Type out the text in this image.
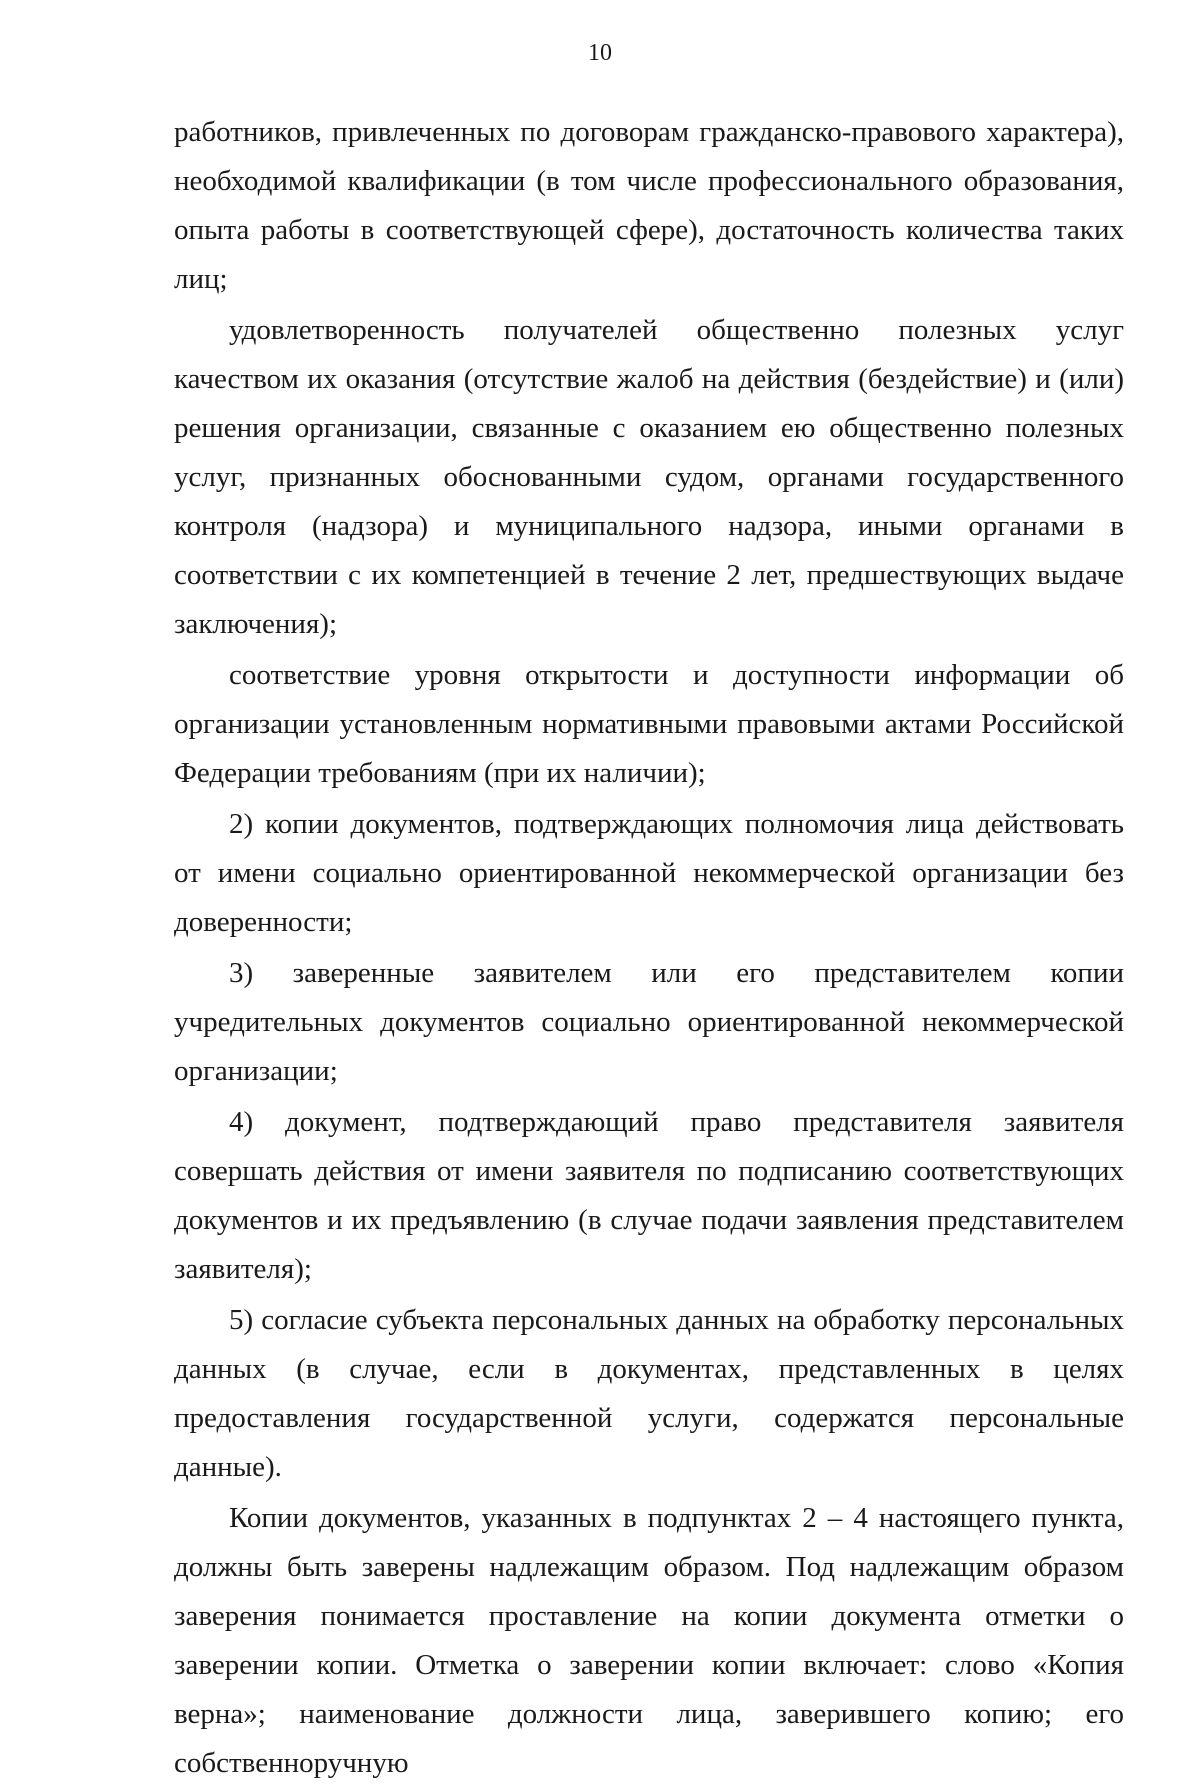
10

работников, привлеченных по договорам гражданско-правового характера), необходимой квалификации (в том числе профессионального образования, опыта работы в соответствующей сфере), достаточность количества таких лиц;

удовлетворенность получателей общественно полезных услуг качеством их оказания (отсутствие жалоб на действия (бездействие) и (или) решения организации, связанные с оказанием ею общественно полезных услуг, признанных обоснованными судом, органами государственного контроля (надзора) и муниципального надзора, иными органами в соответствии с их компетенцией в течение 2 лет, предшествующих выдаче заключения);

соответствие уровня открытости и доступности информации об организации установленным нормативными правовыми актами Российской Федерации требованиям (при их наличии);

2) копии документов, подтверждающих полномочия лица действовать от имени социально ориентированной некоммерческой организации без доверенности;

3) заверенные заявителем или его представителем копии учредительных документов социально ориентированной некоммерческой организации;

4) документ, подтверждающий право представителя заявителя совершать действия от имени заявителя по подписанию соответствующих документов и их предъявлению (в случае подачи заявления представителем заявителя);

5) согласие субъекта персональных данных на обработку персональных данных (в случае, если в документах, представленных в целях предоставления государственной услуги, содержатся персональные данные).

Копии документов, указанных в подпунктах 2 – 4 настоящего пункта, должны быть заверены надлежащим образом. Под надлежащим образом заверения понимается проставление на копии документа отметки о заверении копии. Отметка о заверении копии включает: слово «Копия верна»; наименование должности лица, заверившего копию; его собственноручную
